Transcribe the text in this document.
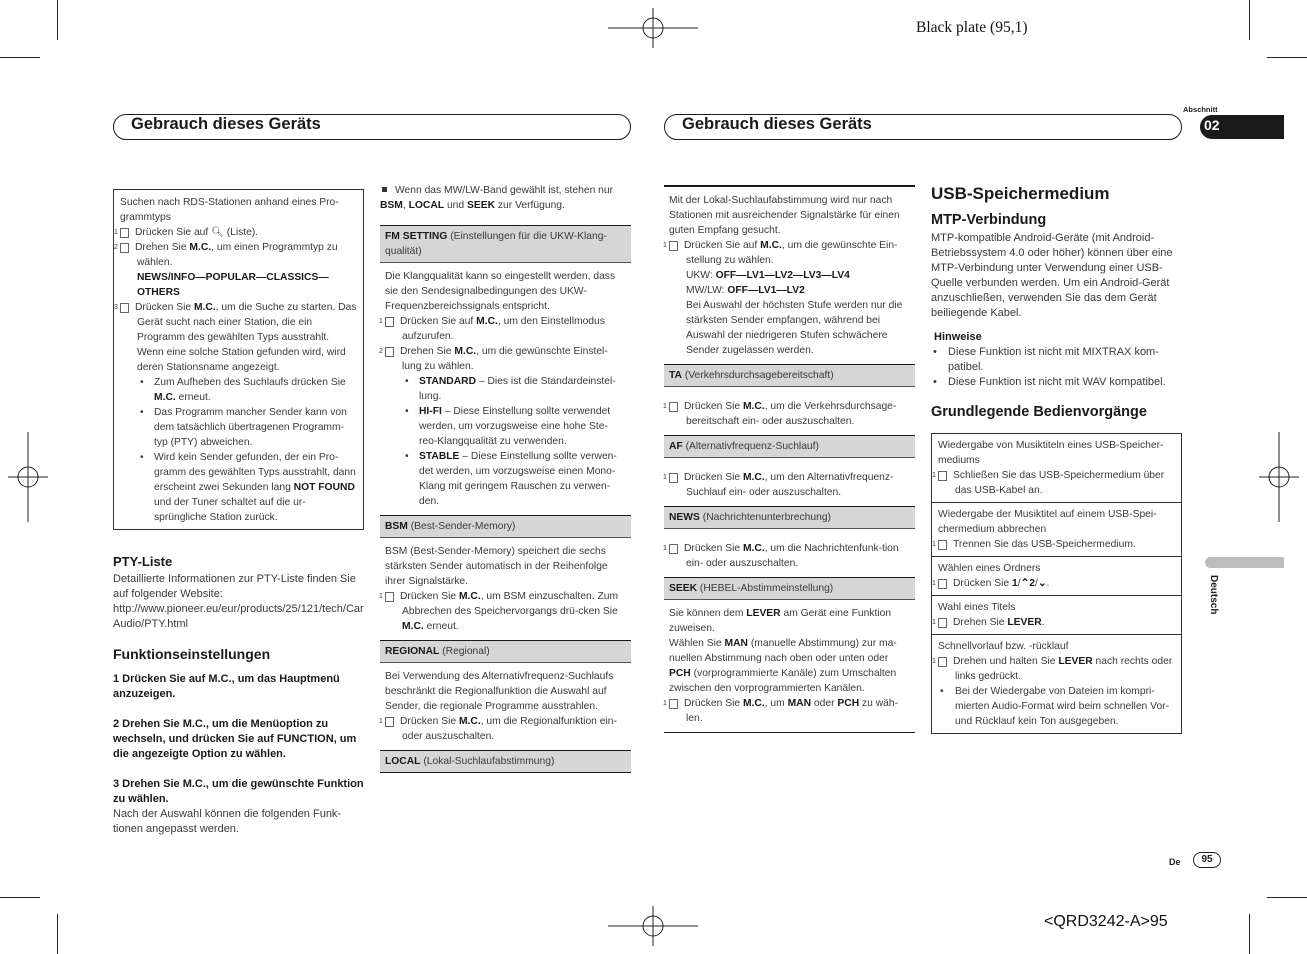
Black plate (95,1)
<QRD3242-A>95
Gebrauch dieses Geräts	Gebrauch dieses Geräts
Abschnitt
02
Deutsch
Suchen nach RDS-Stationen anhand eines Pro-grammtyps
1 Drücken Sie auf 🔍︎ (Liste).
2 Drehen Sie M.C., um einen Programmtyp zu wählen.
NEWS/INFO—POPULAR—CLASSICS—OTHERS
3 Drücken Sie M.C., um die Suche zu starten. Das Gerät sucht nach einer Station, die ein Programm des gewählten Typs ausstrahlt. Wenn eine solche Station gefunden wird, wird deren Stationsname angezeigt.
• Zum Aufheben des Suchlaufs drücken Sie M.C. erneut.
• Das Programm mancher Sender kann von dem tatsächlich übertragenen Programm-typ (PTY) abweichen.
• Wird kein Sender gefunden, der ein Pro-gramm des gewählten Typs ausstrahlt, dann erscheint zwei Sekunden lang NOT FOUND und der Tuner schaltet auf die ur-sprüngliche Station zurück.
PTY-Liste
Detaillierte Informationen zur PTY-Liste finden Sie auf folgender Website:
http://www.pioneer.eu/eur/products/25/121/tech/CarAudio/PTY.html
Funktionseinstellungen
1 Drücken Sie auf M.C., um das Hauptmenü anzuzeigen.
2 Drehen Sie M.C., um die Menüoption zu wechseln, und drücken Sie auf FUNCTION, um die angezeigte Option zu wählen.
3 Drehen Sie M.C., um die gewünschte Funktion zu wählen.
Nach der Auswahl können die folgenden Funk-tionen angepasst werden.
Wenn das MW/LW-Band gewählt ist, stehen nur BSM, LOCAL und SEEK zur Verfügung.
FM SETTING (Einstellungen für die UKW-Klang-qualität)
Die Klangqualität kann so eingestellt werden, dass sie den Sendesignalbedingungen des UKW-Frequenzbereichssignals entspricht.
1 Drücken Sie auf M.C., um den Einstellmodus aufzurufen.
2 Drehen Sie M.C., um die gewünschte Einstel-lung zu wählen.
• STANDARD – Dies ist die Standardeinstel-lung.
• HI-FI – Diese Einstellung sollte verwendet werden, um vorzugsweise eine hohe Ste-reo-Klangqualität zu verwenden.
• STABLE – Diese Einstellung sollte verwen-det werden, um vorzugsweise einen Mono-Klang mit geringem Rauschen zu verwen-den.
BSM (Best-Sender-Memory)
BSM (Best-Sender-Memory) speichert die sechs stärksten Sender automatisch in der Reihenfolge ihrer Signalstärke.
1 Drücken Sie M.C., um BSM einzuschalten. Zum Abbrechen des Speichervorgangs drü-cken Sie M.C. erneut.
REGIONAL (Regional)
Bei Verwendung des Alternativfrequenz-Suchlaufs beschränkt die Regionalfunktion die Auswahl auf Sender, die regionale Programme ausstrahlen.
1 Drücken Sie M.C., um die Regionalfunktion ein- oder auszuschalten.
LOCAL (Lokal-Suchlaufabstimmung)
Mit der Lokal-Suchlaufabstimmung wird nur nach Stationen mit ausreichender Signalstärke für einen guten Empfang gesucht.
1 Drücken Sie auf M.C., um die gewünschte Ein-stellung zu wählen.
UKW: OFF—LV1—LV2—LV3—LV4
MW/LW: OFF—LV1—LV2
Bei Auswahl der höchsten Stufe werden nur die stärksten Sender empfangen, während bei Auswahl der niedrigeren Stufen schwächere Sender zugelassen werden.
TA (Verkehrsdurchsagebereitschaft)
1 Drücken Sie M.C., um die Verkehrsdurchsage-bereitschaft ein- oder auszuschalten.
AF (Alternativfrequenz-Suchlauf)
1 Drücken Sie M.C., um den Alternativfrequenz-Suchlauf ein- oder auszuschalten.
NEWS (Nachrichtenunterbrechung)
1 Drücken Sie M.C., um die Nachrichtenfunk-tion ein- oder auszuschalten.
SEEK (HEBEL-Abstimmeinstellung)
Sie können dem LEVER am Gerät eine Funktion zuweisen.
Wählen Sie MAN (manuelle Abstimmung) zur ma-nuellen Abstimmung nach oben oder unten oder PCH (vorprogrammierte Kanäle) zum Umschalten zwischen den vorprogrammierten Kanälen.
1 Drücken Sie M.C., um MAN oder PCH zu wäh-len.
USB-Speichermedium
MTP-Verbindung
MTP-kompatible Android-Geräte (mit Android-Betriebssystem 4.0 oder höher) können über eine MTP-Verbindung unter Verwendung einer USB-Quelle verbunden werden. Um ein Android-Gerät anzuschließen, verwenden Sie das dem Gerät beiliegende Kabel.
Hinweise
• Diese Funktion ist nicht mit MIXTRAX kom-patibel.
• Diese Funktion ist nicht mit WAV kompatibel.
Grundlegende Bedienvorgänge
Wiedergabe von Musiktiteln eines USB-Speicher-mediums
1 Schließen Sie das USB-Speichermedium über das USB-Kabel an.
Wiedergabe der Musiktitel auf einem USB-Spei-chermedium abbrechen
1 Trennen Sie das USB-Speichermedium.
Wählen eines Ordners
1 Drücken Sie 1/⌃2/⌄.
Wahl eines Titels
1 Drehen Sie LEVER.
Schnellvorlauf bzw. -rücklauf
1 Drehen und halten Sie LEVER nach rechts oder links gedrückt.
• Bei der Wiedergabe von Dateien im kompri-mierten Audio-Format wird beim schnellen Vor- und Rücklauf kein Ton ausgegeben.
De	95
